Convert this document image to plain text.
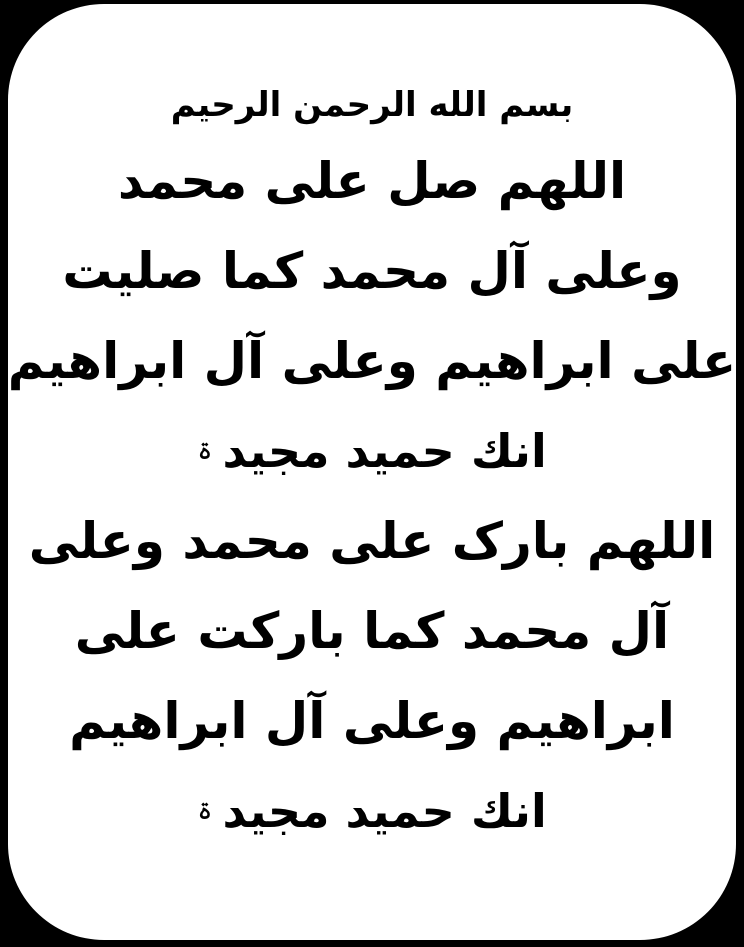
بسم الله الرحمن الرحيم
اللهم صل على محمد
وعلى آل محمد كما صليت
على ابراهيم وعلى آل ابراهيم
انك حميد مجيد
ۃ
اللهم بارک على محمد وعلى
آل محمد كما باركت على
ابراهيم وعلى آل ابراهيم
انك حميد مجيد
ۃ
